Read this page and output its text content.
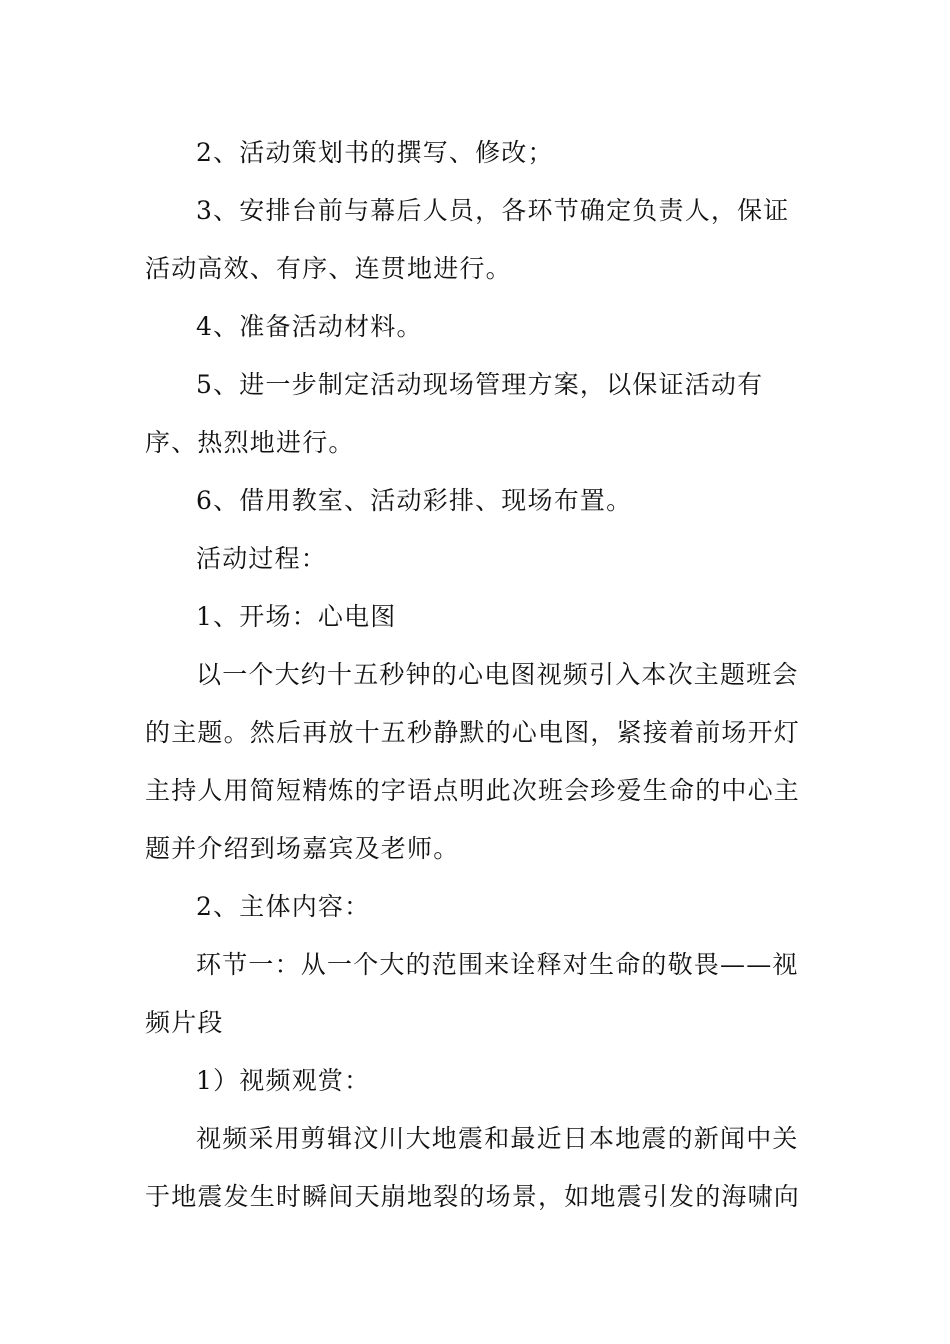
2、活动策划书的撰写、修改；

3、安排台前与幕后人员，各环节确定负责人，保证活动高效、有序、连贯地进行。

4、准备活动材料。

5、进一步制定活动现场管理方案，以保证活动有序、热烈地进行。

6、借用教室、活动彩排、现场布置。

活动过程：

1、开场：心电图

以一个大约十五秒钟的心电图视频引入本次主题班会的主题。然后再放十五秒静默的心电图，紧接着前场开灯主持人用简短精炼的字语点明此次班会珍爱生命的中心主题并介绍到场嘉宾及老师。

2、主体内容：

环节一：从一个大的范围来诠释对生命的敬畏——视频片段

1）视频观赏：

视频采用剪辑汶川大地震和最近日本地震的新闻中关于地震发生时瞬间天崩地裂的场景，如地震引发的海啸向
